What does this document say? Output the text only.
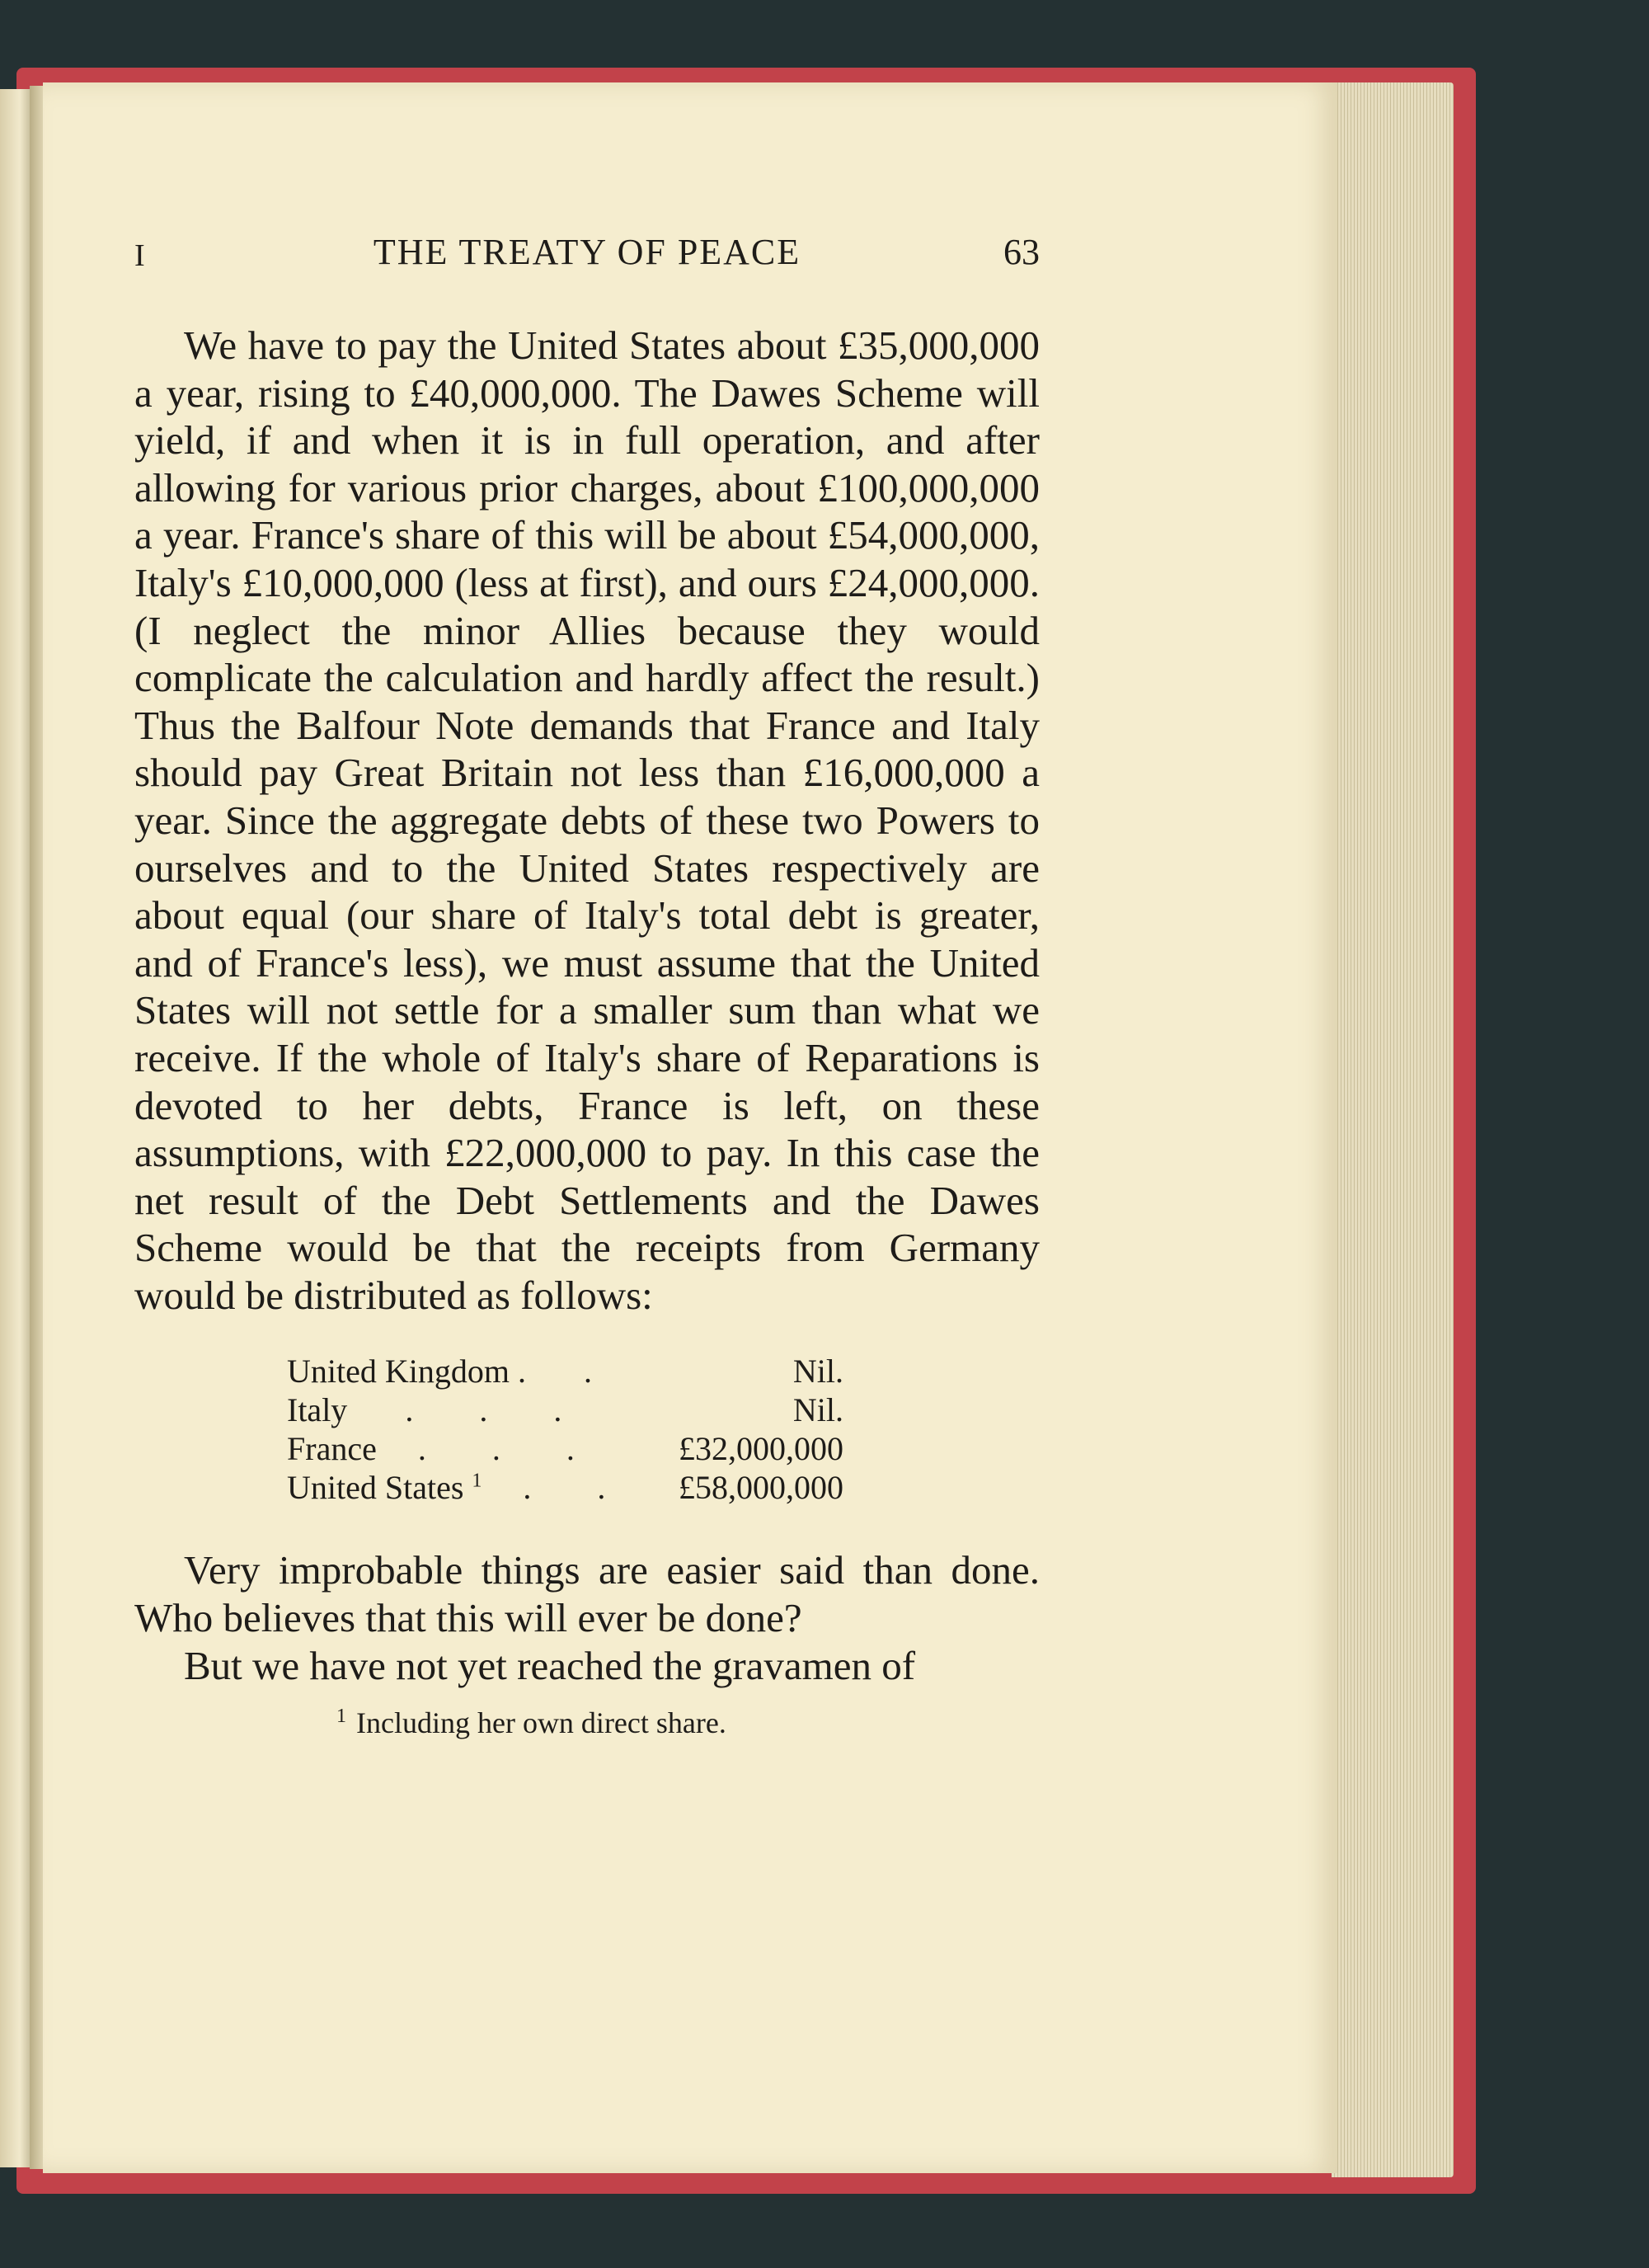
I	THE TREATY OF PEACE	63

We have to pay the United States about £35,000,000 a year, rising to £40,000,000. The Dawes Scheme will yield, if and when it is in full operation, and after allowing for various prior charges, about £100,000,000 a year. France's share of this will be about £54,000,000, Italy's £10,000,000 (less at first), and ours £24,000,000. (I neglect the minor Allies because they would complicate the calculation and hardly affect the result.) Thus the Balfour Note demands that France and Italy should pay Great Britain not less than £16,000,000 a year. Since the aggregate debts of these two Powers to ourselves and to the United States respectively are about equal (our share of Italy's total debt is greater, and of France's less), we must assume that the United States will not settle for a smaller sum than what we receive. If the whole of Italy's share of Reparations is devoted to her debts, France is left, on these assumptions, with £22,000,000 to pay. In this case the net result of the Debt Settlements and the Dawes Scheme would be that the receipts from Germany would be distributed as follows:

United Kingdom .       .	Nil.
Italy       .        .        .	Nil.
France     .        .        .	£32,000,000
United States $^1$     .        .	£58,000,000

Very improbable things are easier said than done. Who believes that this will ever be done?

But we have not yet reached the gravamen of

$^1$ Including her own direct share.
